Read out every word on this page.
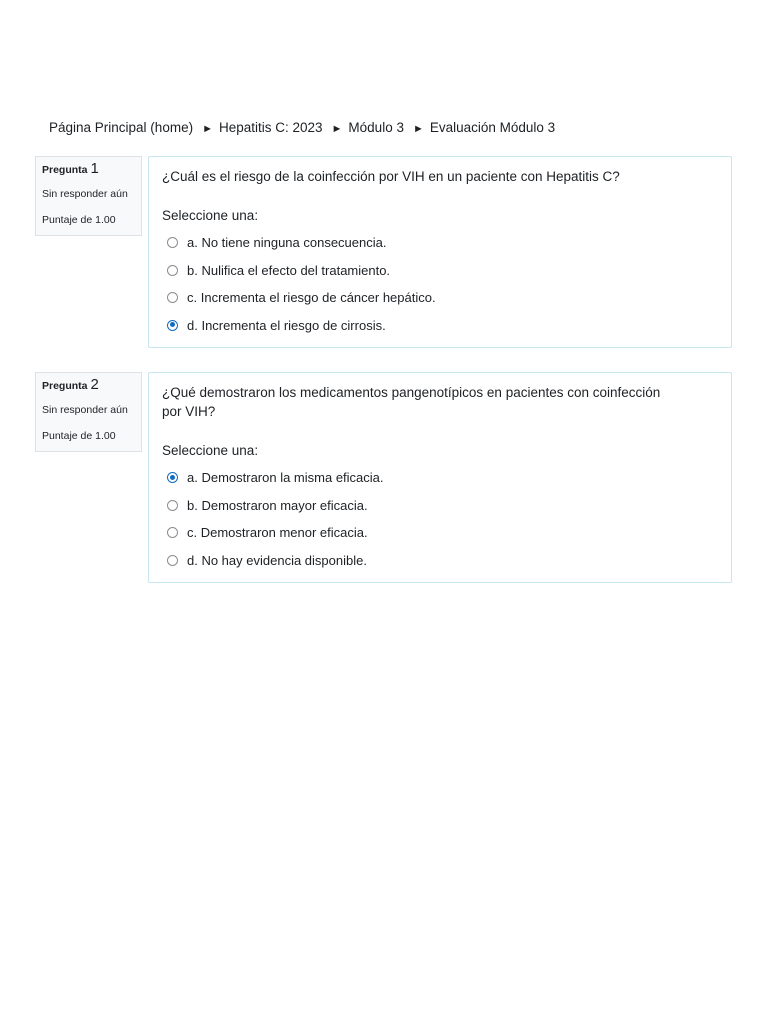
Página Principal (home) ► Hepatitis C: 2023 ► Módulo 3 ► Evaluación Módulo 3
Pregunta 1
Sin responder aún
Puntaje de 1.00
¿Cuál es el riesgo de la coinfección por VIH en un paciente con Hepatitis C?
Seleccione una:
a. No tiene ninguna consecuencia.
b. Nulifica el efecto del tratamiento.
c. Incrementa el riesgo de cáncer hepático.
d. Incrementa el riesgo de cirrosis.
Pregunta 2
Sin responder aún
Puntaje de 1.00
¿Qué demostraron los medicamentos pangenotípicos en pacientes con coinfección por VIH?
Seleccione una:
a. Demostraron la misma eficacia.
b. Demostraron mayor eficacia.
c. Demostraron menor eficacia.
d. No hay evidencia disponible.
